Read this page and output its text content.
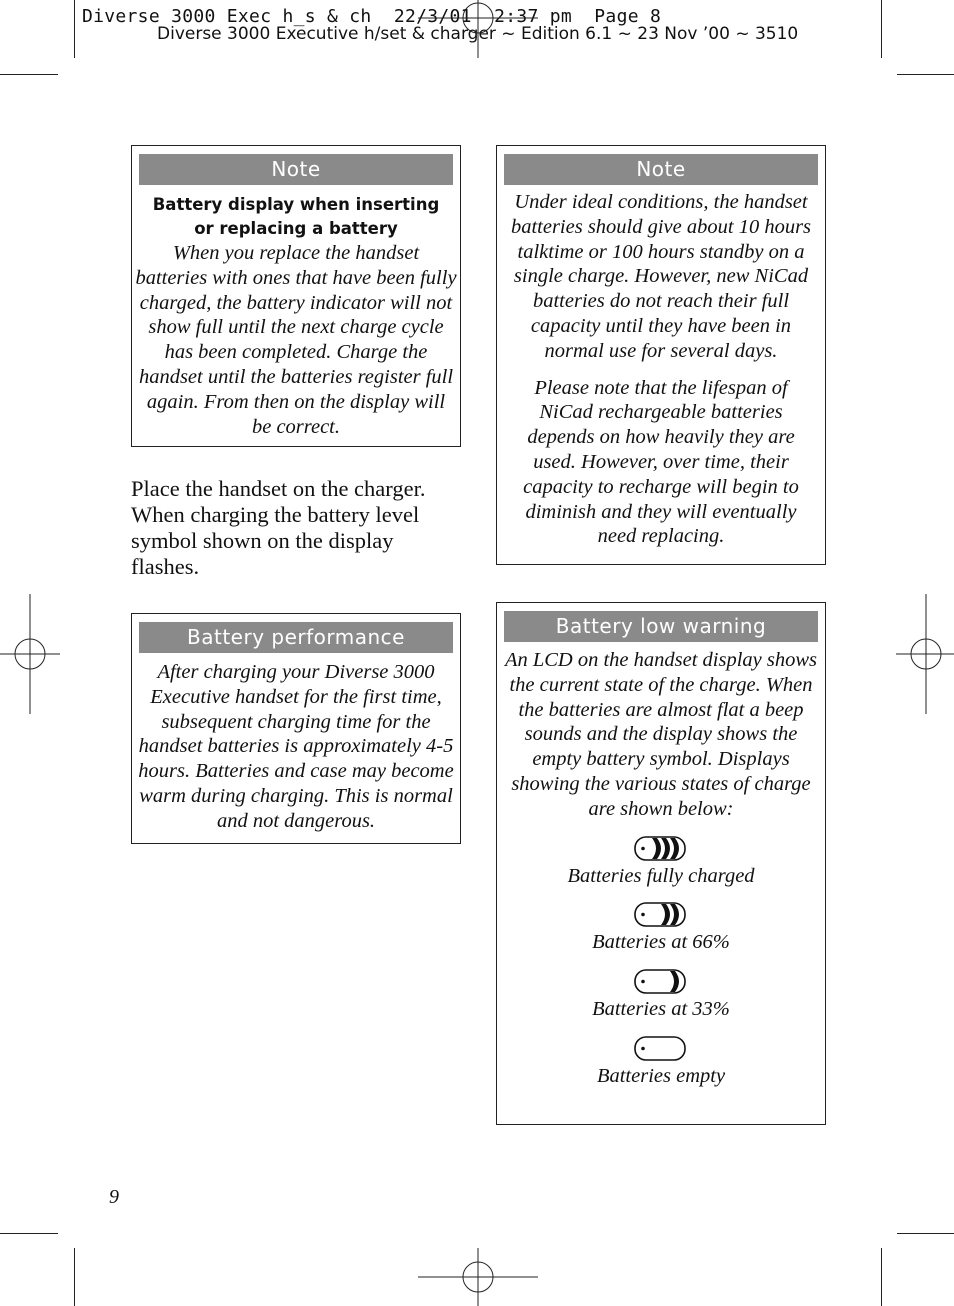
Diverse 3000 Exec h_s & ch  22/3/01  2:37 pm  Page 8
Diverse 3000 Executive h/set & charger ~ Edition 6.1 ~ 23 Nov ’00 ~ 3510
Note
Battery display when inserting
or replacing a battery
When you replace the handset batteries with ones that have been fully charged, the battery indicator will not show full until the next charge cycle has been completed. Charge the handset until the batteries register full again. From then on the display will be correct.
Place the handset on the charger. When charging the battery level symbol shown on the display flashes.
Battery performance
After charging your Diverse 3000 Executive handset for the first time, subsequent charging time for the handset batteries is approximately 4-5 hours. Batteries and case may become warm during charging. This is normal and not dangerous.
Note
Under ideal conditions, the handset batteries should give about 10 hours talktime or 100 hours standby on a single charge. However, new NiCad batteries do not reach their full capacity until they have been in normal use for several days.
Please note that the lifespan of NiCad rechargeable batteries depends on how heavily they are used. However, over time, their capacity to recharge will begin to diminish and they will eventually need replacing.
Battery low warning
An LCD on the handset display shows the current state of the charge. When the batteries are almost flat a beep sounds and the display shows the empty battery symbol. Displays showing the various states of charge are shown below:
Batteries fully charged
Batteries at 66%
Batteries at 33%
Batteries empty
9
